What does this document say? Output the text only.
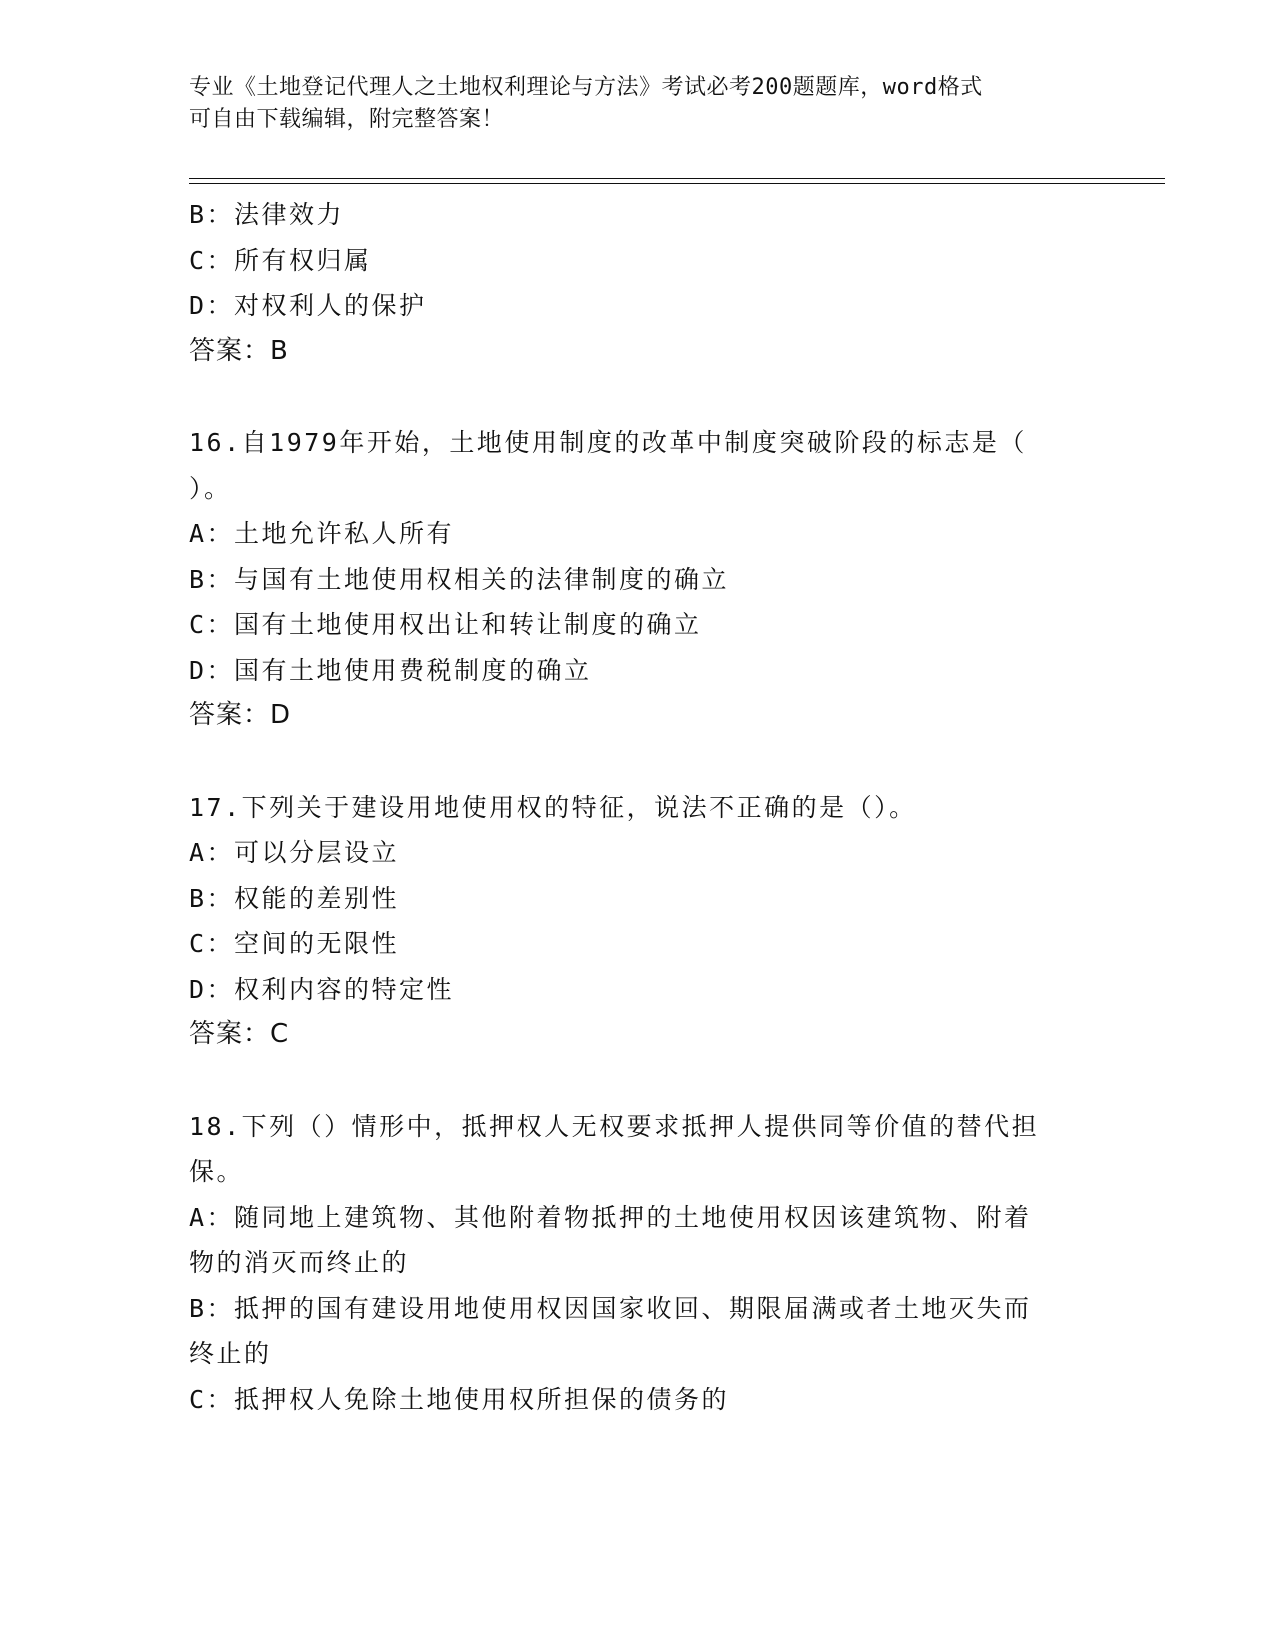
专业《土地登记代理人之土地权利理论与方法》考试必考200题题库，word格式
可自由下载编辑，附完整答案！
B：法律效力
C：所有权归属
D：对权利人的保护
答案：B
16.自1979年开始，土地使用制度的改革中制度突破阶段的标志是（
）。
A：土地允许私人所有
B：与国有土地使用权相关的法律制度的确立
C：国有土地使用权出让和转让制度的确立
D：国有土地使用费税制度的确立
答案：D
17.下列关于建设用地使用权的特征，说法不正确的是（）。
A：可以分层设立
B：权能的差别性
C：空间的无限性
D：权利内容的特定性
答案：C
18.下列（）情形中，抵押权人无权要求抵押人提供同等价值的替代担
保。
A：随同地上建筑物、其他附着物抵押的土地使用权因该建筑物、附着
物的消灭而终止的
B：抵押的国有建设用地使用权因国家收回、期限届满或者土地灭失而
终止的
C：抵押权人免除土地使用权所担保的债务的
